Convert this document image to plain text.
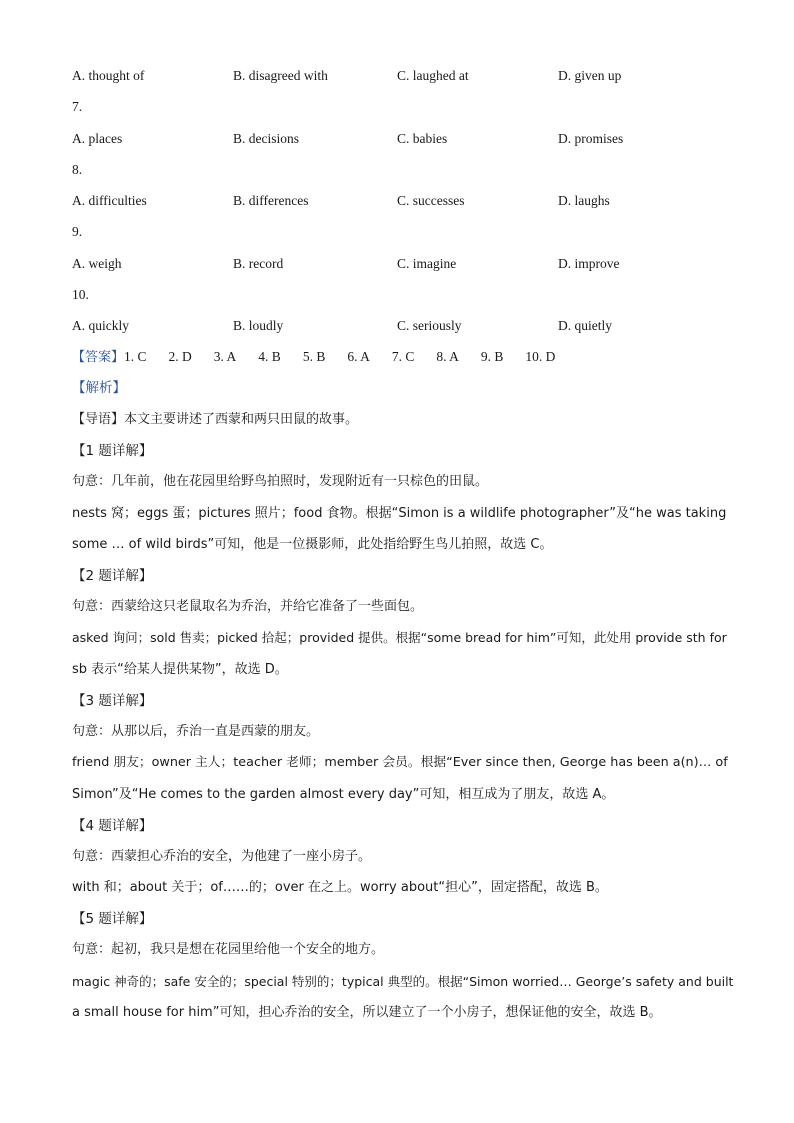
A. thought of	B. disagreed with	C. laughed at	D. given up
7.
A. places	B. decisions	C. babies	D. promises
8.
A. difficulties	B. differences	C. successes	D. laughs
9.
A. weigh	B. record	C. imagine	D. improve
10.
A. quickly	B. loudly	C. seriously	D. quietly
【答案】1. C 2. D 3. A 4. B 5. B 6. A 7. C 8. A 9. B 10. D
【解析】
【导语】本文主要讲述了西蒙和两只田鼠的故事。
【1 题详解】
句意：几年前，他在花园里给野鸟拍照时，发现附近有一只棕色的田鼠。
nests 窝；eggs 蛋；pictures 照片；food 食物。根据“Simon is a wildlife photographer”及“he was taking
some … of wild birds”可知，他是一位摄影师，此处指给野生鸟儿拍照，故选 C。
【2 题详解】
句意：西蒙给这只老鼠取名为乔治，并给它准备了一些面包。
asked 询问；sold 售卖；picked 拾起；provided 提供。根据“some bread for him”可知，此处用 provide sth for
sb 表示“给某人提供某物”，故选 D。
【3 题详解】
句意：从那以后，乔治一直是西蒙的朋友。
friend 朋友；owner 主人；teacher 老师；member 会员。根据“Ever since then, George has been a(n)… of
Simon”及“He comes to the garden almost every day”可知，相互成为了朋友，故选 A。
【4 题详解】
句意：西蒙担心乔治的安全，为他建了一座小房子。
with 和；about 关于；of……的；over 在之上。worry about“担心”，固定搭配，故选 B。
【5 题详解】
句意：起初，我只是想在花园里给他一个安全的地方。
magic 神奇的；safe 安全的；special 特别的；typical 典型的。根据“Simon worried… George’s safety and built
a small house for him”可知，担心乔治的安全，所以建立了一个小房子，想保证他的安全，故选 B。
